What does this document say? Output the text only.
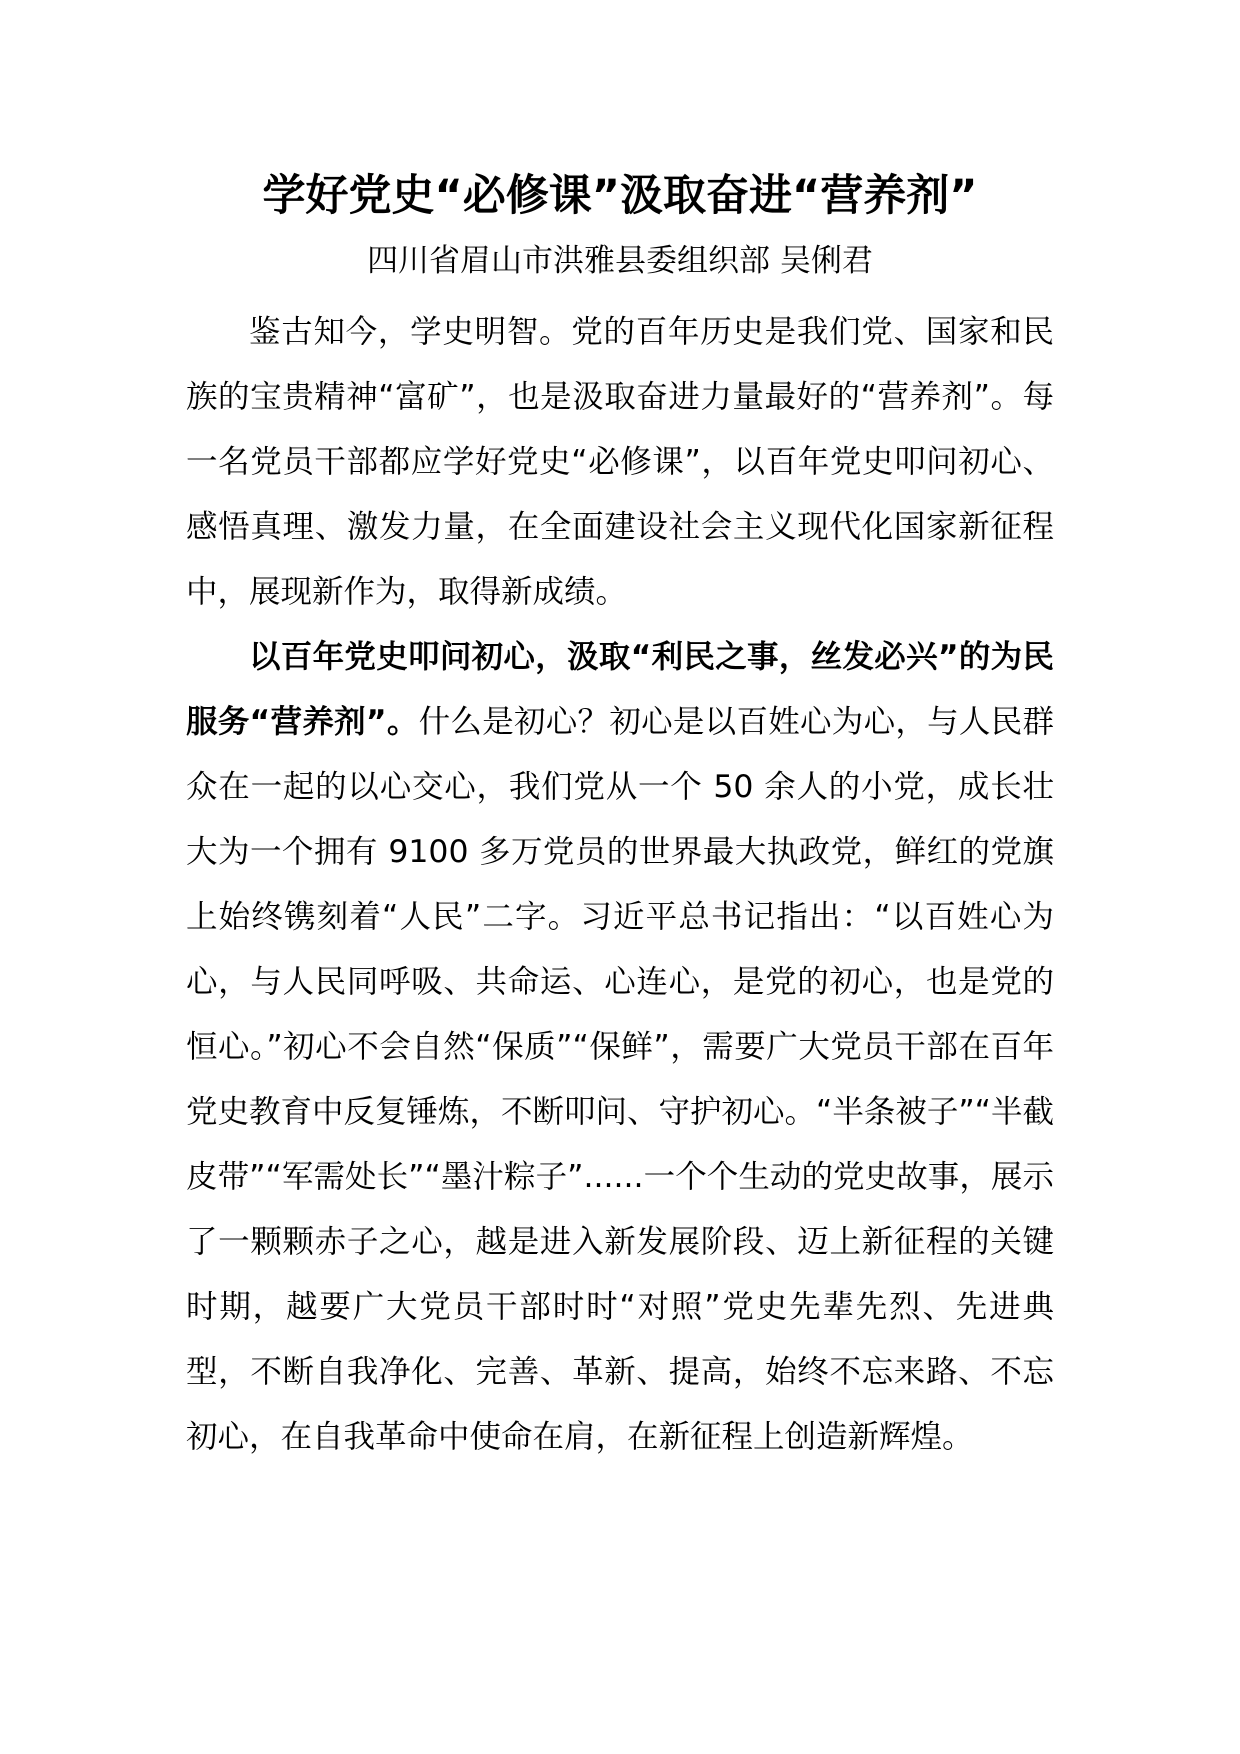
学好党史“必修课”汲取奋进“营养剂”
四川省眉山市洪雅县委组织部 吴俐君

鉴古知今，学史明智。党的百年历史是我们党、国家和民族的宝贵精神“富矿”，也是汲取奋进力量最好的“营养剂”。每一名党员干部都应学好党史“必修课”，以百年党史叩问初心、感悟真理、激发力量，在全面建设社会主义现代化国家新征程中，展现新作为，取得新成绩。

以百年党史叩问初心，汲取“利民之事，丝发必兴”的为民服务“营养剂”。什么是初心？初心是以百姓心为心，与人民群众在一起的以心交心，我们党从一个 50 余人的小党，成长壮大为一个拥有 9100 多万党员的世界最大执政党，鲜红的党旗上始终镌刻着“人民”二字。习近平总书记指出：“以百姓心为心，与人民同呼吸、共命运、心连心，是党的初心，也是党的恒心。”初心不会自然“保质”“保鲜”，需要广大党员干部在百年党史教育中反复锤炼，不断叩问、守护初心。“半条被子”“半截皮带”“军需处长”“墨汁粽子”......一个个生动的党史故事，展示了一颗颗赤子之心，越是进入新发展阶段、迈上新征程的关键时期，越要广大党员干部时时“对照”党史先辈先烈、先进典型，不断自我净化、完善、革新、提高，始终不忘来路、不忘初心，在自我革命中使命在肩，在新征程上创造新辉煌。
